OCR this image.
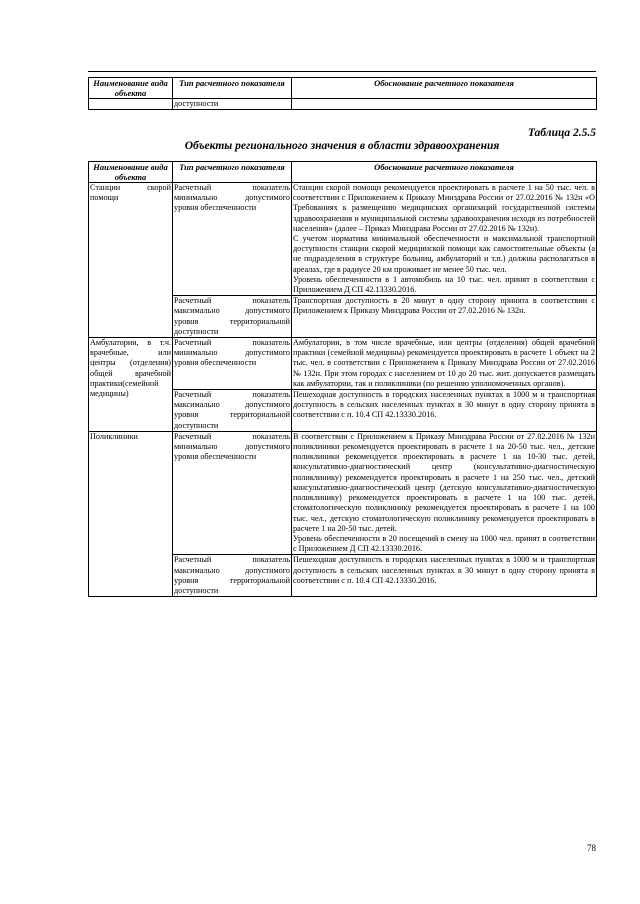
Наименование вида объекта	Тип расчетного показателя	Обоснование расчетного показателя
	доступности	
Таблица 2.5.5
Объекты регионального значения в области здравоохранения
Наименование вида объекта	Тип расчетного показателя	Обоснование расчетного показателя
Станции скорой помощи	Расчетный показатель минимально допустимого уровня обеспеченности	Станции скорой помощи рекомендуется проектировать в расчете 1 на 50 тыс. чел. в соответствии с Приложением к Приказу Минздрава России от 27.02.2016 № 132н «О Требованиях к размещению медицинских организаций государственной системы здравоохранения и муниципальной системы здравоохранения исходя из потребностей населения» (далее – Приказ Минздрава России от 27.02.2016 № 132н).
С учетом норматива минимальной обеспеченности и максимальной транспортной доступности станции скорой медицинской помощи как самостоятельные объекты (а не подразделения в структуре больниц, амбулаторий и т.п.) должны располагаться в ареалах, где в радиусе 20 км проживает не менее 50 тыс. чел.
Уровень обеспеченности в 1 автомобиль на 10 тыс. чел. принят в соответствии с Приложением Д СП 42.13330.2016.

	Расчетный показатель максимально допустимого уровня территориальной доступности	Транспортная доступность в 20 минут в одну сторону принята в соответствии с Приложением к Приказу Минздрава России от 27.02.2016 № 132н.

Амбулатории, в т.ч. врачебные, или центры (отделения) общей врачебной практики(семейной медицины)	Расчетный показатель минимально допустимого уровня обеспеченности	Амбулатории, в том числе врачебные, или центры (отделения) общей врачебной практики (семейной медицины) рекомендуется проектировать в расчете 1 объект на 2 тыс. чел. в соответствии с Приложением к Приказу Минздрава России от 27.02.2016 № 132н. При этом городах с населением от 10 до 20 тыс. жит. допускается размещать как амбулатории, так и поликлиники (по решению уполномоченных органов).

	Расчетный показатель максимально допустимого уровня территориальной доступности	Пешеходная доступность в городских населенных пунктах в 1000 м и транспортная доступность в сельских населенных пунктах в 30 минут в одну сторону принята в соответствии с п. 10.4 СП 42.13330.2016.

Поликлиники	Расчетный показатель минимально допустимого уровня обеспеченности	В соответствии с Приложением к Приказу Минздрава России от 27.02.2016 № 132н поликлиники рекомендуется проектировать в расчете 1 на 20-50 тыс. чел., детские поликлиники рекомендуется проектировать в расчете 1 на 10-30 тыс. детей, консультативно-диагностический центр (консультативно-диагностическую поликлинику) рекомендуется проектировать в расчете 1 на 250 тыс. чел., детский консультативно-диагностический центр (детскую консультативно-диагностическую поликлинику) рекомендуется проектировать в расчете 1 на 100 тыс. детей, стоматологическую поликлинику рекомендуется проектировать в расчете 1 на 100 тыс. чел., детскую стоматологическую поликлинику рекомендуется проектировать в расчете 1 на 20-50 тыс. детей.
Уровень обеспеченности в 20 посещений в смену на 1000 чел. принят в соответствии с Приложением Д СП 42.13330.2016.

	Расчетный показатель максимально допустимого уровня территориальной доступности	Пешеходная доступность в городских населенных пунктах в 1000 м и транспортная доступность в сельских населенных пунктах в 30 минут в одну сторону принята в соответствии с п. 10.4 СП 42.13330.2016.
78
